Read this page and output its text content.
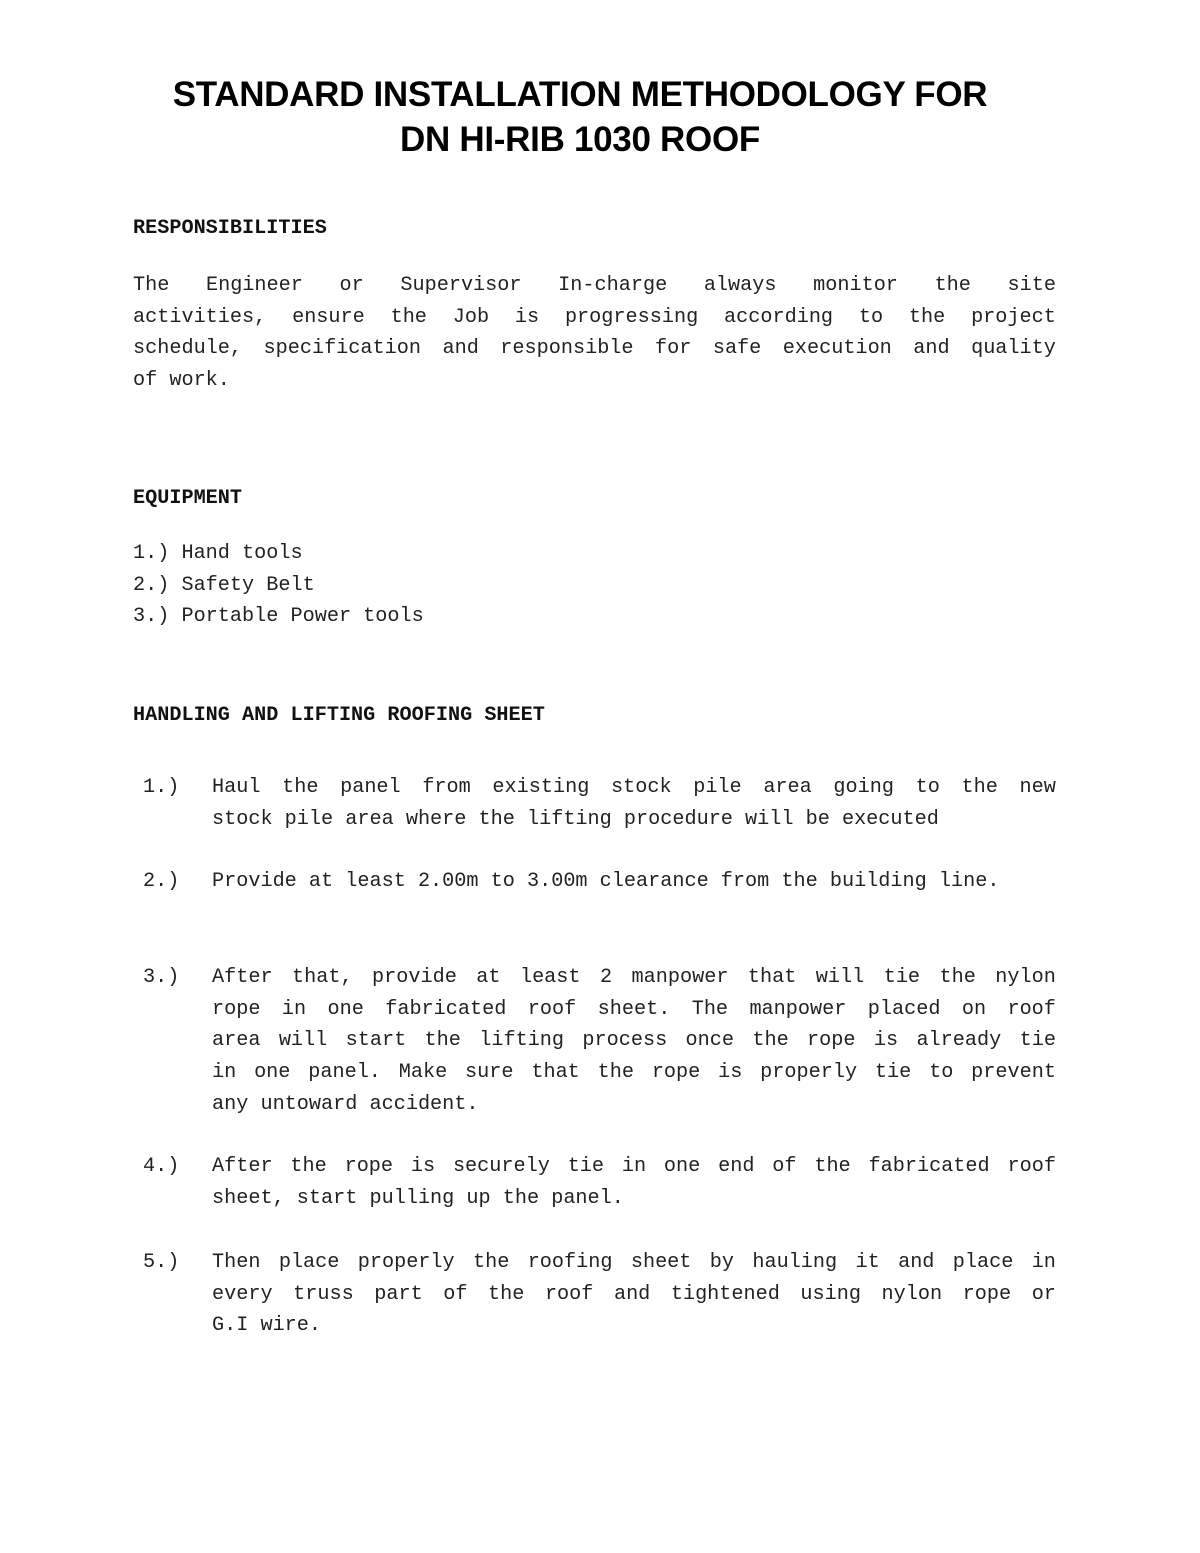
STANDARD INSTALLATION METHODOLOGY FOR
DN HI-RIB 1030 ROOF
RESPONSIBILITIES
The Engineer or Supervisor In-charge always monitor the site
activities, ensure the Job is progressing according to the project
schedule, specification and responsible for safe execution and quality
of work.
EQUIPMENT
1.) Hand tools
2.) Safety Belt
3.) Portable Power tools
HANDLING AND LIFTING ROOFING SHEET
1.) Haul the panel from existing stock pile area going to the new
stock pile area where the lifting procedure will be executed
2.) Provide at least 2.00m to 3.00m clearance from the building line.
3.) After that, provide at least 2 manpower that will tie the nylon
rope in one fabricated roof sheet. The manpower placed on roof
area will start the lifting process once the rope is already tie
in one panel. Make sure that the rope is properly tie to prevent
any untoward accident.
4.) After the rope is securely tie in one end of the fabricated roof
sheet, start pulling up the panel.
5.) Then place properly the roofing sheet by hauling it and place in
every truss part of the roof and tightened using nylon rope or
G.I wire.
